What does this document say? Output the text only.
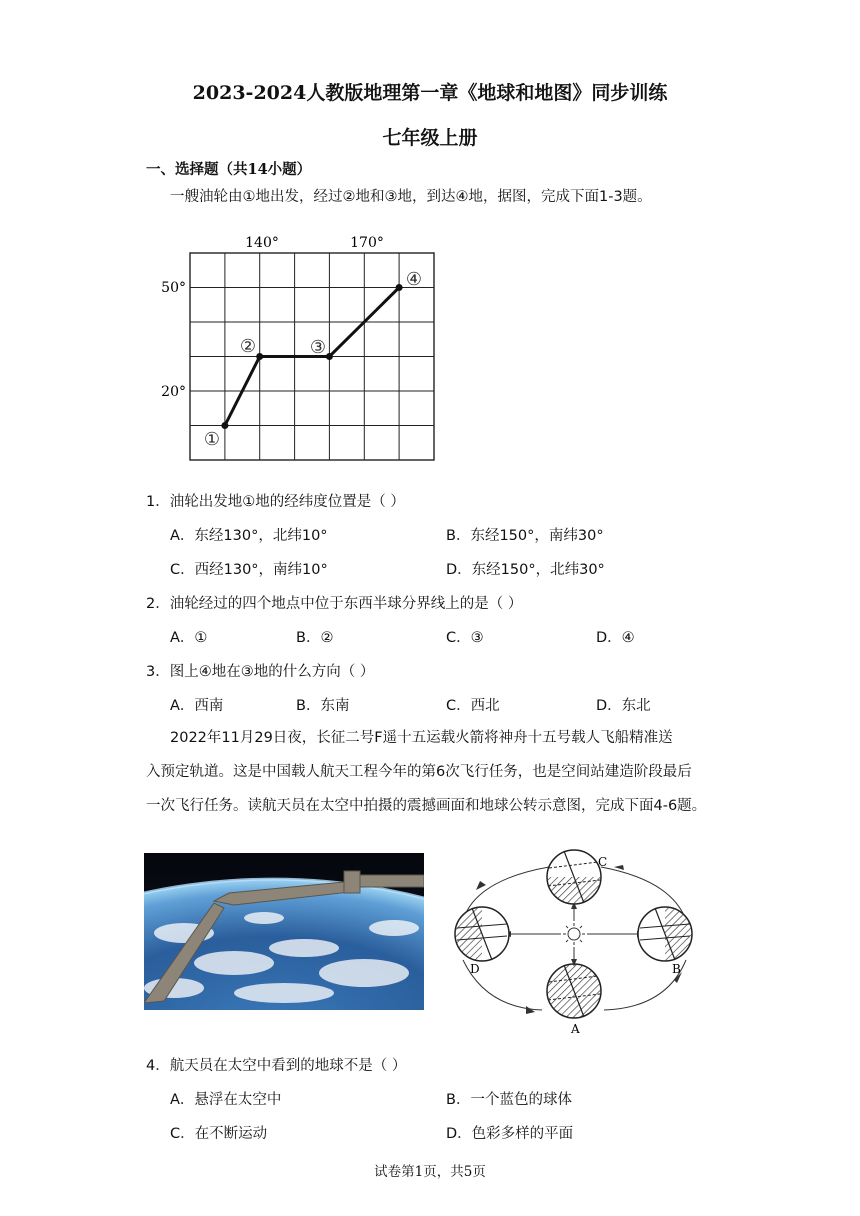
2023-2024人教版地理第一章《地球和地图》同步训练
七年级上册
一、选择题（共14小题）
一艘油轮由①地出发，经过②地和③地，到达④地，据图，完成下面1-3题。
140°	170°
50°
20°
①
②	③
④
1．油轮出发地①地的经纬度位置是（ ）
A．东经130°，北纬10°	B．东经150°，南纬30°
C．西经130°，南纬10°	D．东经150°，北纬30°
2．油轮经过的四个地点中位于东西半球分界线上的是（ ）
A．①	B．②	C．③	D．④
3．图上④地在③地的什么方向（ ）
A．西南	B．东南	C．西北	D．东北
2022年11月29日夜，长征二号F遥十五运载火箭将神舟十五号载人飞船精准送
入预定轨道。这是中国载人航天工程今年的第6次飞行任务，也是空间站建造阶段最后
一次飞行任务。读航天员在太空中拍摄的震撼画面和地球公转示意图，完成下面4-6题。
C
B
A
D
4．航天员在太空中看到的地球不是（ ）
A．悬浮在太空中	B．一个蓝色的球体
C．在不断运动	D．色彩多样的平面
试卷第1页，共5页
